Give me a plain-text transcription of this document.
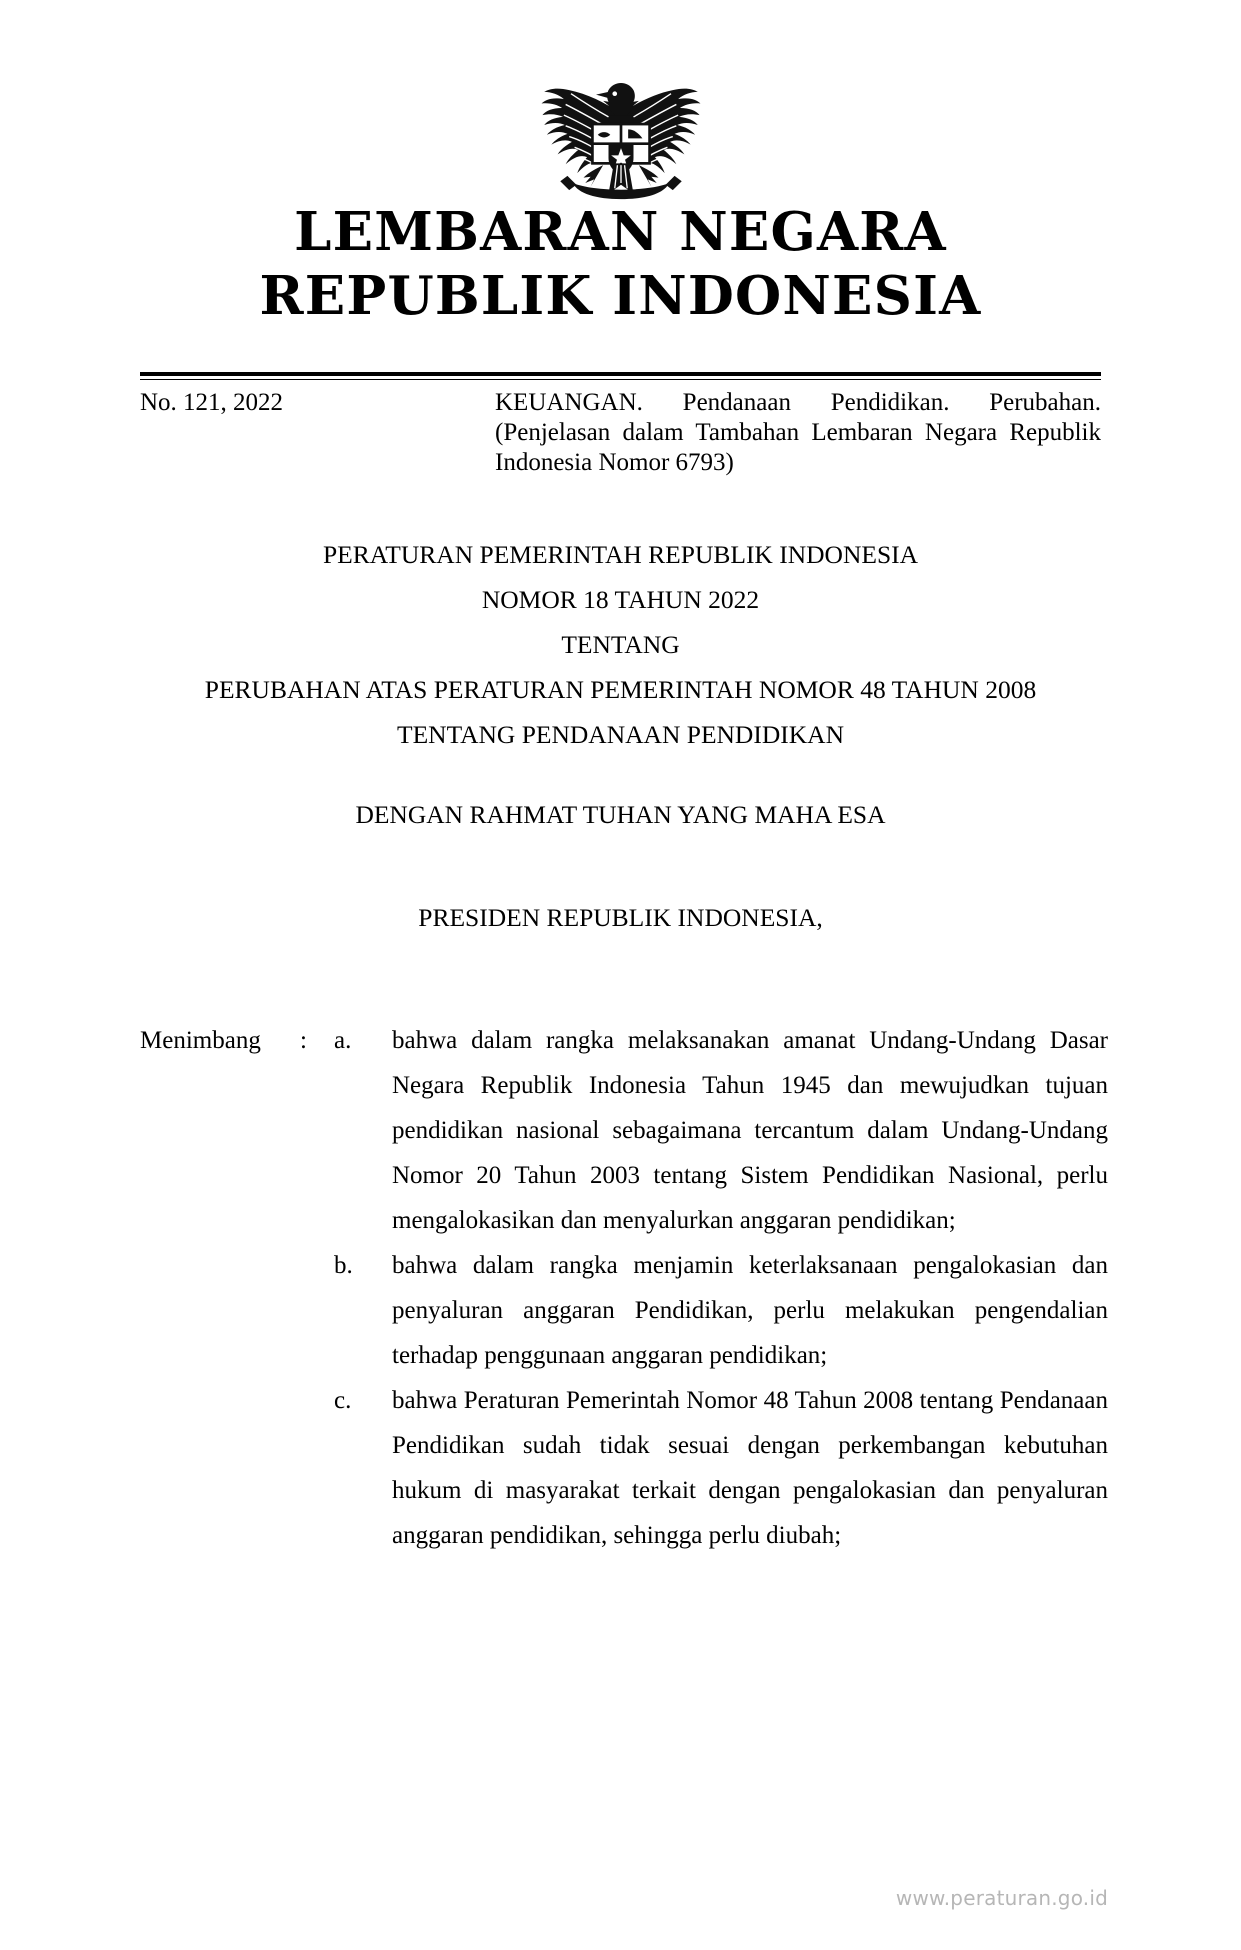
LEMBARAN NEGARA
REPUBLIK INDONESIA
No. 121, 2022	KEUANGAN. Pendanaan Pendidikan. Perubahan. (Penjelasan dalam Tambahan Lembaran Negara Republik Indonesia Nomor 6793)
PERATURAN PEMERINTAH REPUBLIK INDONESIA
NOMOR 18 TAHUN 2022
TENTANG
PERUBAHAN ATAS PERATURAN PEMERINTAH NOMOR 48 TAHUN 2008
TENTANG PENDANAAN PENDIDIKAN
DENGAN RAHMAT TUHAN YANG MAHA ESA
PRESIDEN REPUBLIK INDONESIA,
Menimbang	:	a.	bahwa dalam rangka melaksanakan amanat Undang-Undang Dasar Negara Republik Indonesia Tahun 1945 dan mewujudkan tujuan pendidikan nasional sebagaimana tercantum dalam Undang-Undang Nomor 20 Tahun 2003 tentang Sistem Pendidikan Nasional, perlu mengalokasikan dan menyalurkan anggaran pendidikan;
b.	bahwa dalam rangka menjamin keterlaksanaan pengalokasian dan penyaluran anggaran Pendidikan, perlu melakukan pengendalian terhadap penggunaan anggaran pendidikan;
c.	bahwa Peraturan Pemerintah Nomor 48 Tahun 2008 tentang Pendanaan Pendidikan sudah tidak sesuai dengan perkembangan kebutuhan hukum di masyarakat terkait dengan pengalokasian dan penyaluran anggaran pendidikan, sehingga perlu diubah;
www.peraturan.go.id
